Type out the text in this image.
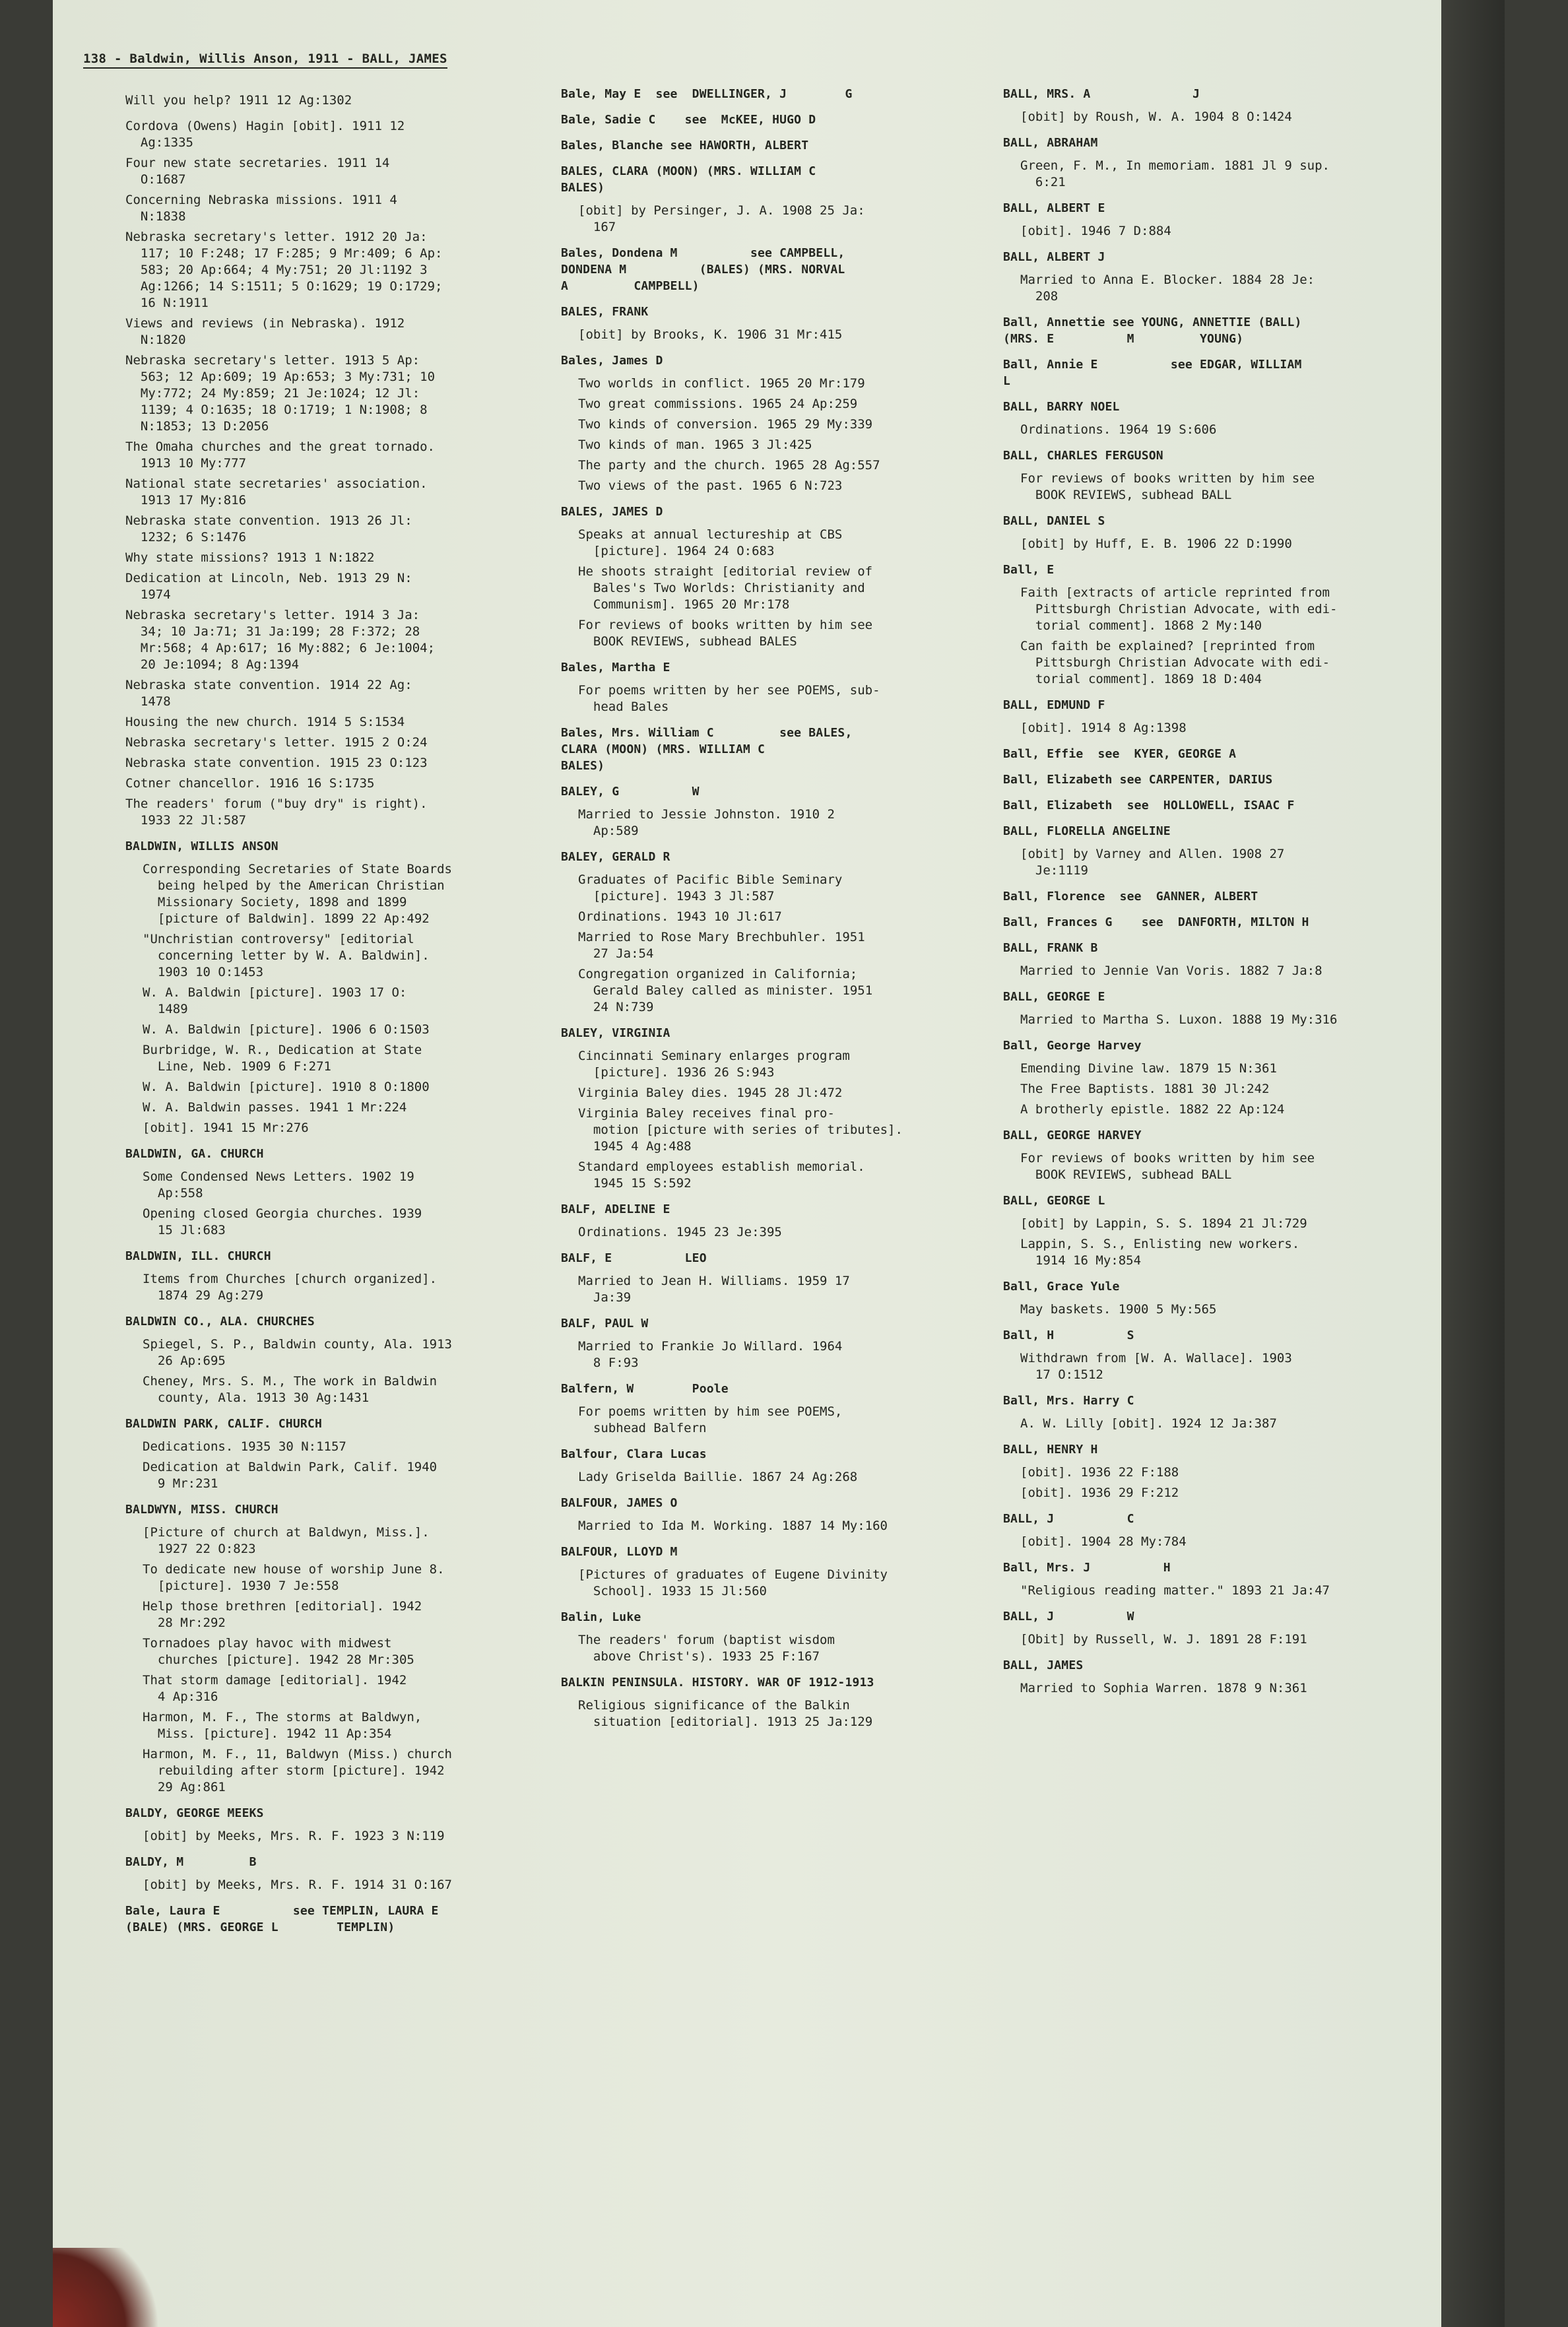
138 - Baldwin, Willis Anson, 1911 - BALL, JAMES
Will you help? 1911 12 Ag:1302
Cordova (Owens) Hagin [obit]. 1911 12
Ag:1335
Four new state secretaries. 1911 14
O:1687
Concerning Nebraska missions. 1911 4
N:1838
Nebraska secretary's letter. 1912 20 Ja:
117; 10 F:248; 17 F:285; 9 Mr:409; 6 Ap:
583; 20 Ap:664; 4 My:751; 20 Jl:1192 3
Ag:1266; 14 S:1511; 5 O:1629; 19 O:1729;
16 N:1911
Views and reviews (in Nebraska). 1912
N:1820
Nebraska secretary's letter. 1913 5 Ap:
563; 12 Ap:609; 19 Ap:653; 3 My:731; 10
My:772; 24 My:859; 21 Je:1024; 12 Jl:
1139; 4 O:1635; 18 O:1719; 1 N:1908; 8
N:1853; 13 D:2056
The Omaha churches and the great tornado.
1913 10 My:777
National state secretaries' association.
1913 17 My:816
Nebraska state convention. 1913 26 Jl:
1232; 6 S:1476
Why state missions? 1913 1 N:1822
Dedication at Lincoln, Neb. 1913 29 N:
1974
Nebraska secretary's letter. 1914 3 Ja:
34; 10 Ja:71; 31 Ja:199; 28 F:372; 28
Mr:568; 4 Ap:617; 16 My:882; 6 Je:1004;
20 Je:1094; 8 Ag:1394
Nebraska state convention. 1914 22 Ag:
1478
Housing the new church. 1914 5 S:1534
Nebraska secretary's letter. 1915 2 O:24
Nebraska state convention. 1915 23 O:123
Cotner chancellor. 1916 16 S:1735
The readers' forum ("buy dry" is right).
1933 22 Jl:587
BALDWIN, WILLIS ANSON
Corresponding Secretaries of State Boards
being helped by the American Christian
Missionary Society, 1898 and 1899
[picture of Baldwin]. 1899 22 Ap:492
"Unchristian controversy" [editorial
concerning letter by W. A. Baldwin].
1903 10 O:1453
W. A. Baldwin [picture]. 1903 17 O:
1489
W. A. Baldwin [picture]. 1906 6 O:1503
Burbridge, W. R., Dedication at State
Line, Neb. 1909 6 F:271
W. A. Baldwin [picture]. 1910 8 O:1800
W. A. Baldwin passes. 1941 1 Mr:224
[obit]. 1941 15 Mr:276
BALDWIN, GA. CHURCH
Some Condensed News Letters. 1902 19
Ap:558
Opening closed Georgia churches. 1939
15 Jl:683
BALDWIN, ILL. CHURCH
Items from Churches [church organized].
1874 29 Ag:279
BALDWIN CO., ALA. CHURCHES
Spiegel, S. P., Baldwin county, Ala. 1913
26 Ap:695
Cheney, Mrs. S. M., The work in Baldwin
county, Ala. 1913 30 Ag:1431
BALDWIN PARK, CALIF. CHURCH
Dedications. 1935 30 N:1157
Dedication at Baldwin Park, Calif. 1940
9 Mr:231
BALDWYN, MISS. CHURCH
[Picture of church at Baldwyn, Miss.].
1927 22 O:823
To dedicate new house of worship June 8.
[picture]. 1930 7 Je:558
Help those brethren [editorial]. 1942
28 Mr:292
Tornadoes play havoc with midwest
churches [picture]. 1942 28 Mr:305
That storm damage [editorial]. 1942
4 Ap:316
Harmon, M. F., The storms at Baldwyn,
Miss. [picture]. 1942 11 Ap:354
Harmon, M. F., 11, Baldwyn (Miss.) church
rebuilding after storm [picture]. 1942
29 Ag:861
BALDY, GEORGE MEEKS
[obit] by Meeks, Mrs. R. F. 1923 3 N:119
BALDY, M         B
[obit] by Meeks, Mrs. R. F. 1914 31 O:167
Bale, Laura E          see TEMPLIN, LAURA E
(BALE) (MRS. GEORGE L        TEMPLIN)
Bale, May E  see  DWELLINGER, J        G
Bale, Sadie C    see  McKEE, HUGO D
Bales, Blanche see HAWORTH, ALBERT
BALES, CLARA (MOON) (MRS. WILLIAM C
BALES)
[obit] by Persinger, J. A. 1908 25 Ja:
167
Bales, Dondena M          see CAMPBELL,
DONDENA M          (BALES) (MRS. NORVAL
A         CAMPBELL)
BALES, FRANK
[obit] by Brooks, K. 1906 31 Mr:415
Bales, James D
Two worlds in conflict. 1965 20 Mr:179
Two great commissions. 1965 24 Ap:259
Two kinds of conversion. 1965 29 My:339
Two kinds of man. 1965 3 Jl:425
The party and the church. 1965 28 Ag:557
Two views of the past. 1965 6 N:723
BALES, JAMES D
Speaks at annual lectureship at CBS
[picture]. 1964 24 O:683
He shoots straight [editorial review of
Bales's Two Worlds: Christianity and
Communism]. 1965 20 Mr:178
For reviews of books written by him see
BOOK REVIEWS, subhead BALES
Bales, Martha E
For poems written by her see POEMS, sub-
head Bales
Bales, Mrs. William C         see BALES,
CLARA (MOON) (MRS. WILLIAM C
BALES)
BALEY, G          W
Married to Jessie Johnston. 1910 2
Ap:589
BALEY, GERALD R
Graduates of Pacific Bible Seminary
[picture]. 1943 3 Jl:587
Ordinations. 1943 10 Jl:617
Married to Rose Mary Brechbuhler. 1951
27 Ja:54
Congregation organized in California;
Gerald Baley called as minister. 1951
24 N:739
BALEY, VIRGINIA
Cincinnati Seminary enlarges program
[picture]. 1936 26 S:943
Virginia Baley dies. 1945 28 Jl:472
Virginia Baley receives final pro-
motion [picture with series of tributes].
1945 4 Ag:488
Standard employees establish memorial.
1945 15 S:592
BALF, ADELINE E
Ordinations. 1945 23 Je:395
BALF, E          LEO
Married to Jean H. Williams. 1959 17
Ja:39
BALF, PAUL W
Married to Frankie Jo Willard. 1964
8 F:93
Balfern, W        Poole
For poems written by him see POEMS,
subhead Balfern
Balfour, Clara Lucas
Lady Griselda Baillie. 1867 24 Ag:268
BALFOUR, JAMES O
Married to Ida M. Working. 1887 14 My:160
BALFOUR, LLOYD M
[Pictures of graduates of Eugene Divinity
School]. 1933 15 Jl:560
Balin, Luke
The readers' forum (baptist wisdom
above Christ's). 1933 25 F:167
BALKIN PENINSULA. HISTORY. WAR OF 1912-1913
Religious significance of the Balkin
situation [editorial]. 1913 25 Ja:129
BALL, MRS. A              J
[obit] by Roush, W. A. 1904 8 O:1424
BALL, ABRAHAM
Green, F. M., In memoriam. 1881 Jl 9 sup.
6:21
BALL, ALBERT E
[obit]. 1946 7 D:884
BALL, ALBERT J
Married to Anna E. Blocker. 1884 28 Je:
208
Ball, Annettie see YOUNG, ANNETTIE (BALL)
(MRS. E          M         YOUNG)
Ball, Annie E          see EDGAR, WILLIAM
L
BALL, BARRY NOEL
Ordinations. 1964 19 S:606
BALL, CHARLES FERGUSON
For reviews of books written by him see
BOOK REVIEWS, subhead BALL
BALL, DANIEL S
[obit] by Huff, E. B. 1906 22 D:1990
Ball, E
Faith [extracts of article reprinted from
Pittsburgh Christian Advocate, with edi-
torial comment]. 1868 2 My:140
Can faith be explained? [reprinted from
Pittsburgh Christian Advocate with edi-
torial comment]. 1869 18 D:404
BALL, EDMUND F
[obit]. 1914 8 Ag:1398
Ball, Effie  see  KYER, GEORGE A
Ball, Elizabeth see CARPENTER, DARIUS
Ball, Elizabeth  see  HOLLOWELL, ISAAC F
BALL, FLORELLA ANGELINE
[obit] by Varney and Allen. 1908 27
Je:1119
Ball, Florence  see  GANNER, ALBERT
Ball, Frances G    see  DANFORTH, MILTON H
BALL, FRANK B
Married to Jennie Van Voris. 1882 7 Ja:8
BALL, GEORGE E
Married to Martha S. Luxon. 1888 19 My:316
Ball, George Harvey
Emending Divine law. 1879 15 N:361
The Free Baptists. 1881 30 Jl:242
A brotherly epistle. 1882 22 Ap:124
BALL, GEORGE HARVEY
For reviews of books written by him see
BOOK REVIEWS, subhead BALL
BALL, GEORGE L
[obit] by Lappin, S. S. 1894 21 Jl:729
Lappin, S. S., Enlisting new workers.
1914 16 My:854
Ball, Grace Yule
May baskets. 1900 5 My:565
Ball, H          S
Withdrawn from [W. A. Wallace]. 1903
17 O:1512
Ball, Mrs. Harry C
A. W. Lilly [obit]. 1924 12 Ja:387
BALL, HENRY H
[obit]. 1936 22 F:188
[obit]. 1936 29 F:212
BALL, J          C
[obit]. 1904 28 My:784
Ball, Mrs. J          H
"Religious reading matter." 1893 21 Ja:47
BALL, J          W
[Obit] by Russell, W. J. 1891 28 F:191
BALL, JAMES
Married to Sophia Warren. 1878 9 N:361
